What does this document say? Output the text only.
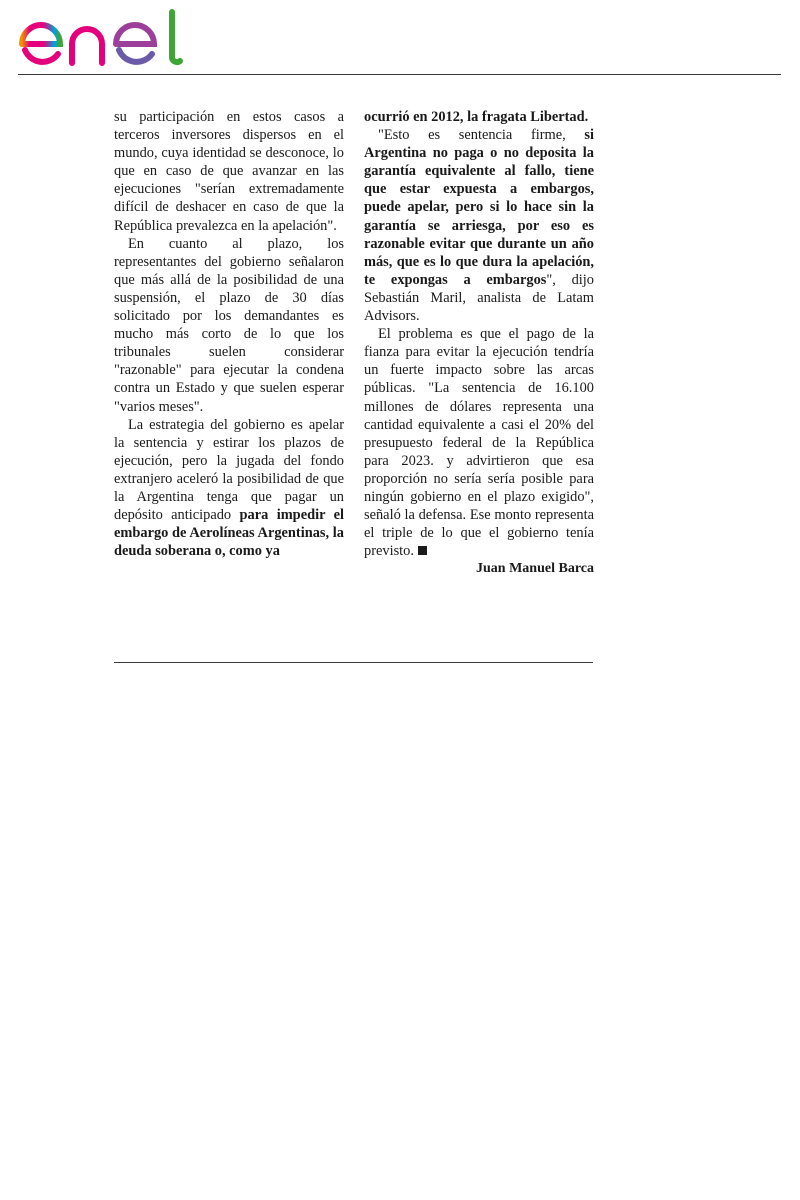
su participación en estos casos a terceros inversores dispersos en el mundo, cuya identidad se desconoce, lo que en caso de que avanzar en las ejecuciones "serían extremadamente difícil de deshacer en caso de que la República prevalezca en la apelación".

En cuanto al plazo, los representantes del gobierno señalaron que más allá de la posibilidad de una suspensión, el plazo de 30 días solicitado por los demandantes es mucho más corto de lo que los tribunales suelen considerar "razonable" para ejecutar la condena contra un Estado y que suelen esperar "varios meses".

La estrategia del gobierno es apelar la sentencia y estirar los plazos de ejecución, pero la jugada del fondo extranjero aceleró la posibilidad de que la Argentina tenga que pagar un depósito anticipado para impedir el embargo de Aerolíneas Argentinas, la deuda soberana o, como ya

ocurrió en 2012, la fragata Libertad.

"Esto es sentencia firme, si Argentina no paga o no deposita la garantía equivalente al fallo, tiene que estar expuesta a embargos, puede apelar, pero si lo hace sin la garantía se arriesga, por eso es razonable evitar que durante un año más, que es lo que dura la apelación, te expongas a embargos", dijo Sebastián Maril, analista de Latam Advisors.

El problema es que el pago de la fianza para evitar la ejecución tendría un fuerte impacto sobre las arcas públicas. "La sentencia de 16.100 millones de dólares representa una cantidad equivalente a casi el 20% del presupuesto federal de la República para 2023. y advirtieron que esa proporción no sería sería posible para ningún gobierno en el plazo exigido", señaló la defensa. Ese monto representa el triple de lo que el gobierno tenía previsto.

Juan Manuel Barca
